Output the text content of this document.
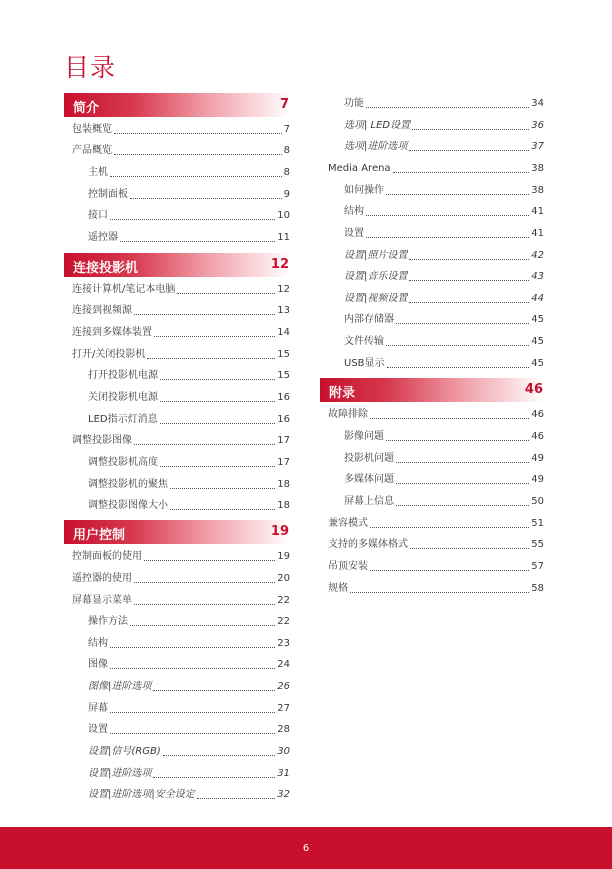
目录
简介	7
包装概览	7
产品概览	8
主机	8
控制面板	9
接口	10
遥控器	11
连接投影机	12
连接计算机/笔记本电脑	12
连接到视频源	13
连接到多媒体装置	14
打开/关闭投影机	15
打开投影机电源	15
关闭投影机电源	16
LED指示灯消息	16
调整投影图像	17
调整投影机高度	17
调整投影机的聚焦	18
调整投影图像大小	18
用户控制	19
控制面板的使用	19
遥控器的使用	20
屏幕显示菜单	22
操作方法	22
结构	23
图像	24
图像|进阶选项	26
屏幕	27
设置	28
设置|信号(RGB)	30
设置|进阶选项	31
设置|进阶选项|安全设定	32
功能	34
选项| LED设置	36
选项|进阶选项	37
Media Arena	38
如何操作	38
结构	41
设置	41
设置|照片设置	42
设置|音乐设置	43
设置|视频设置	44
内部存储器	45
文件传输	45
USB显示	45
附录	46
故障排除	46
影像问题	46
投影机问题	49
多媒体问题	49
屏幕上信息	50
兼容模式	51
支持的多媒体格式	55
吊顶安装	57
规格	58
6
